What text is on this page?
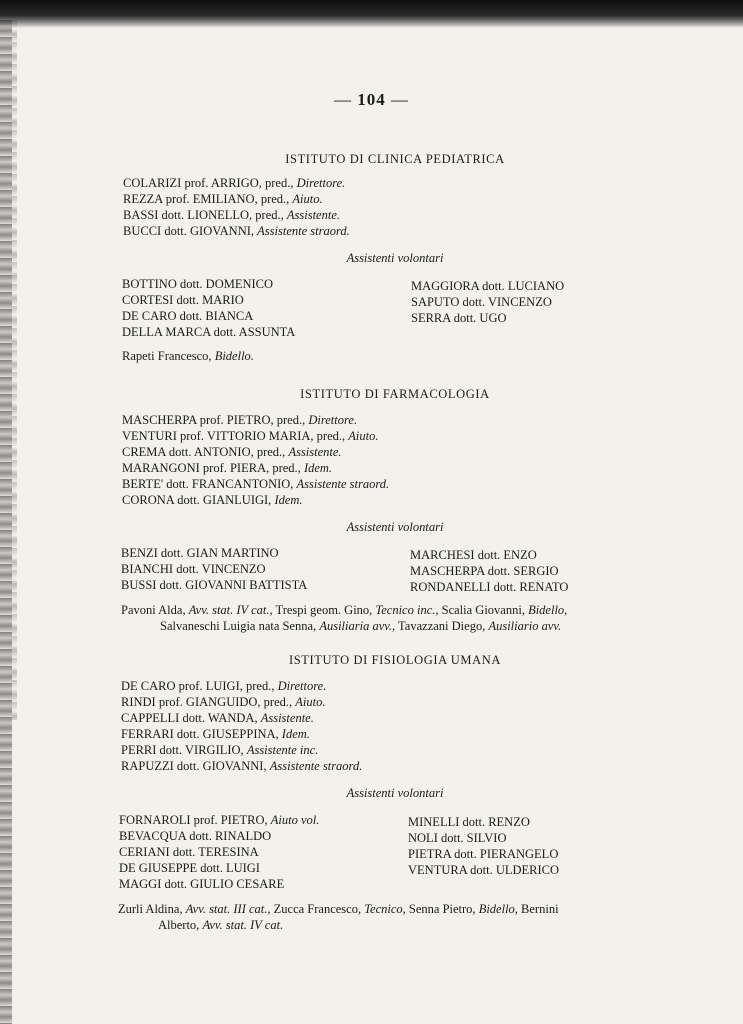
— 104 —
ISTITUTO DI CLINICA PEDIATRICA
COLARIZI prof. ARRIGO, pred., Direttore.
REZZA prof. EMILIANO, pred., Aiuto.
BASSI dott. LIONELLO, pred., Assistente.
BUCCI dott. GIOVANNI, Assistente straord.
Assistenti volontari
BOTTINO dott. DOMENICO
CORTESI dott. MARIO
DE CARO dott. BIANCA
DELLA MARCA dott. ASSUNTA
MAGGIORA dott. LUCIANO
SAPUTO dott. VINCENZO
SERRA dott. UGO
Rapeti Francesco, Bidello.
ISTITUTO DI FARMACOLOGIA
MASCHERPA prof. PIETRO, pred., Direttore.
VENTURI prof. VITTORIO MARIA, pred., Aiuto.
CREMA dott. ANTONIO, pred., Assistente.
MARANGONI prof. PIERA, pred., Idem.
BERTE' dott. FRANCANTONIO, Assistente straord.
CORONA dott. GIANLUIGI, Idem.
Assistenti volontari
BENZI dott. GIAN MARTINO
BIANCHI dott. VINCENZO
BUSSI dott. GIOVANNI BATTISTA
MARCHESI dott. ENZO
MASCHERPA dott. SERGIO
RONDANELLI dott. RENATO
Pavoni Alda, Avv. stat. IV cat., Trespi geom. Gino, Tecnico inc., Scalia Giovanni, Bidello,
Salvaneschi Luigia nata Senna, Ausiliaria avv., Tavazzani Diego, Ausiliario avv.
ISTITUTO DI FISIOLOGIA UMANA
DE CARO prof. LUIGI, pred., Direttore.
RINDI prof. GIANGUIDO, pred., Aiuto.
CAPPELLI dott. WANDA, Assistente.
FERRARI dott. GIUSEPPINA, Idem.
PERRI dott. VIRGILIO, Assistente inc.
RAPUZZI dott. GIOVANNI, Assistente straord.
Assistenti volontari
FORNAROLI prof. PIETRO, Aiuto vol.
BEVACQUA dott. RINALDO
CERIANI dott. TERESINA
DE GIUSEPPE dott. LUIGI
MAGGI dott. GIULIO CESARE
MINELLI dott. RENZO
NOLI dott. SILVIO
PIETRA dott. PIERANGELO
VENTURA dott. ULDERICO
Zurli Aldina, Avv. stat. III cat., Zucca Francesco, Tecnico, Senna Pietro, Bidello, Bernini
Alberto, Avv. stat. IV cat.
